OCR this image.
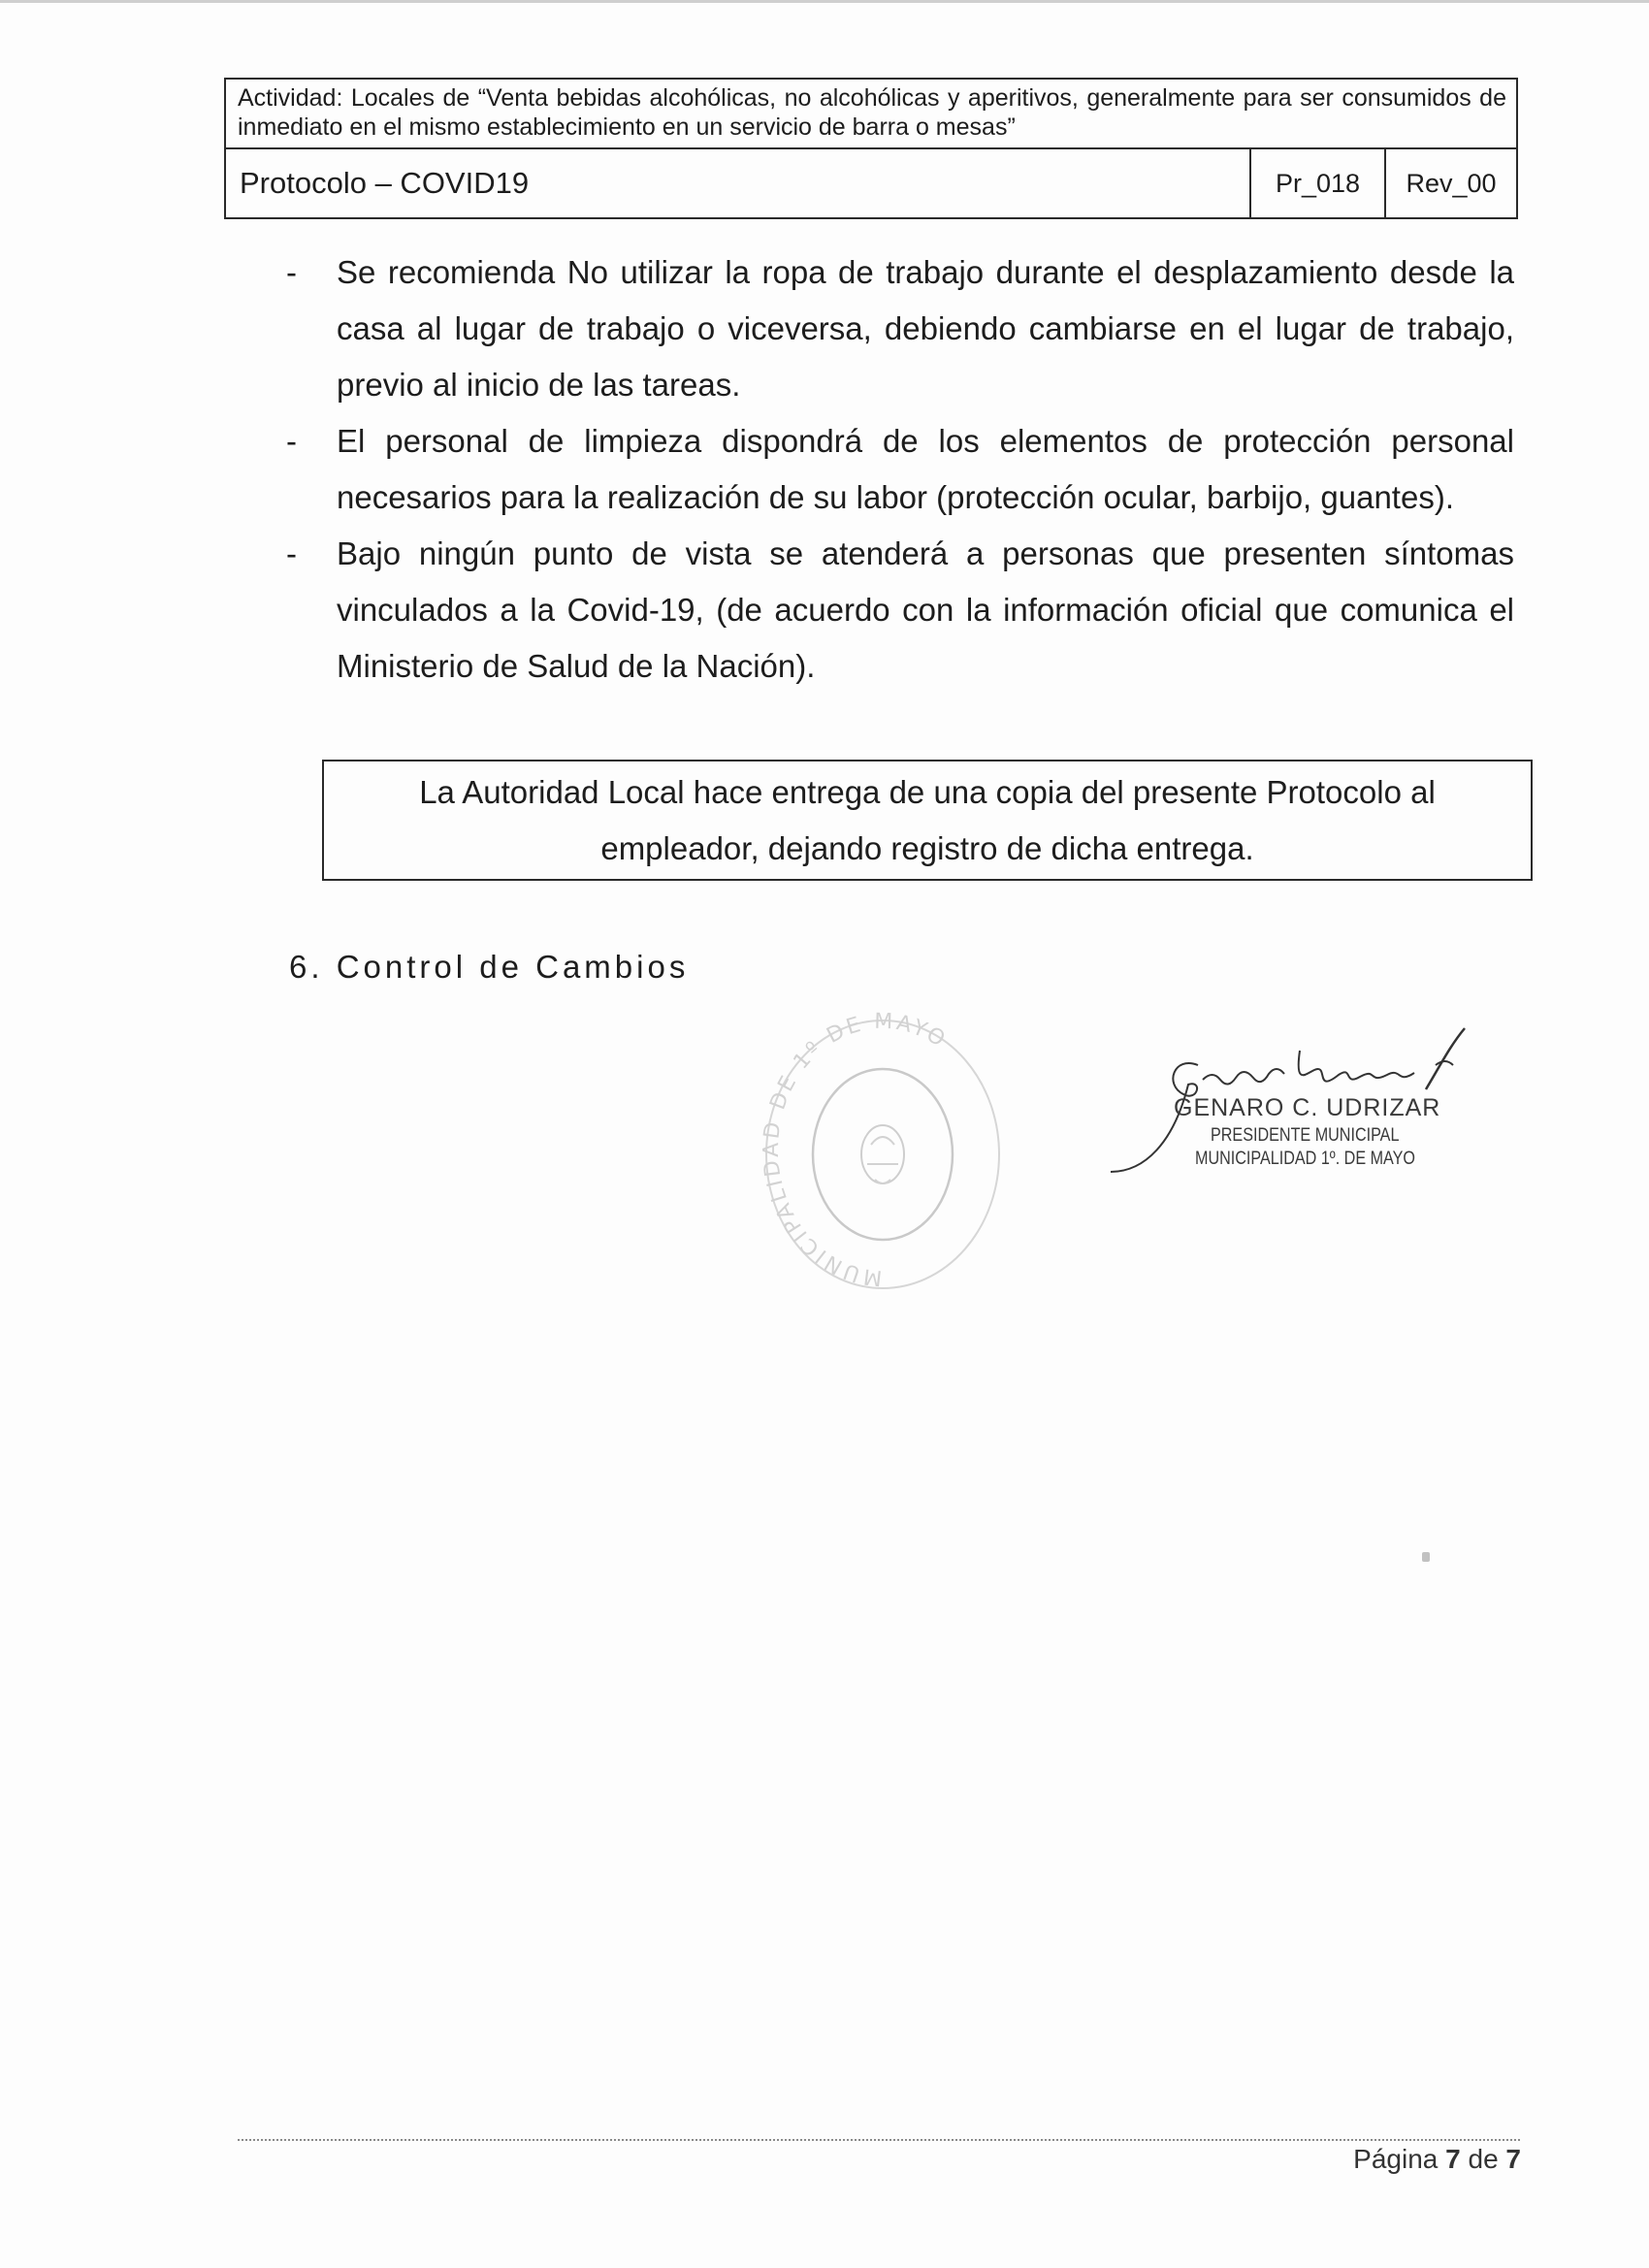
Actividad: Locales de “Venta bebidas alcohólicas, no alcohólicas y aperitivos, generalmente para ser consumidos de inmediato en el mismo establecimiento en un servicio de barra o mesas”
Protocolo – COVID19	Pr_018	Rev_00
- Se recomienda No utilizar la ropa de trabajo durante el desplazamiento desde la casa al lugar de trabajo o viceversa, debiendo cambiarse en el lugar de trabajo, previo al inicio de las tareas.
- El personal de limpieza dispondrá de los elementos de protección personal necesarios para la realización de su labor (protección ocular, barbijo, guantes).
- Bajo ningún punto de vista se atenderá a personas que presenten síntomas vinculados a la Covid-19, (de acuerdo con la información oficial que comunica el Ministerio de Salud de la Nación).
La Autoridad Local hace entrega de una copia del presente Protocolo al empleador, dejando registro de dicha entrega.
6. Control de Cambios
MUNICIPALIDAD DE 1º DE MAYO
GENARO C. UDRIZAR
PRESIDENTE MUNICIPAL
MUNICIPALIDAD 1º. DE MAYO
Página 7 de 7
